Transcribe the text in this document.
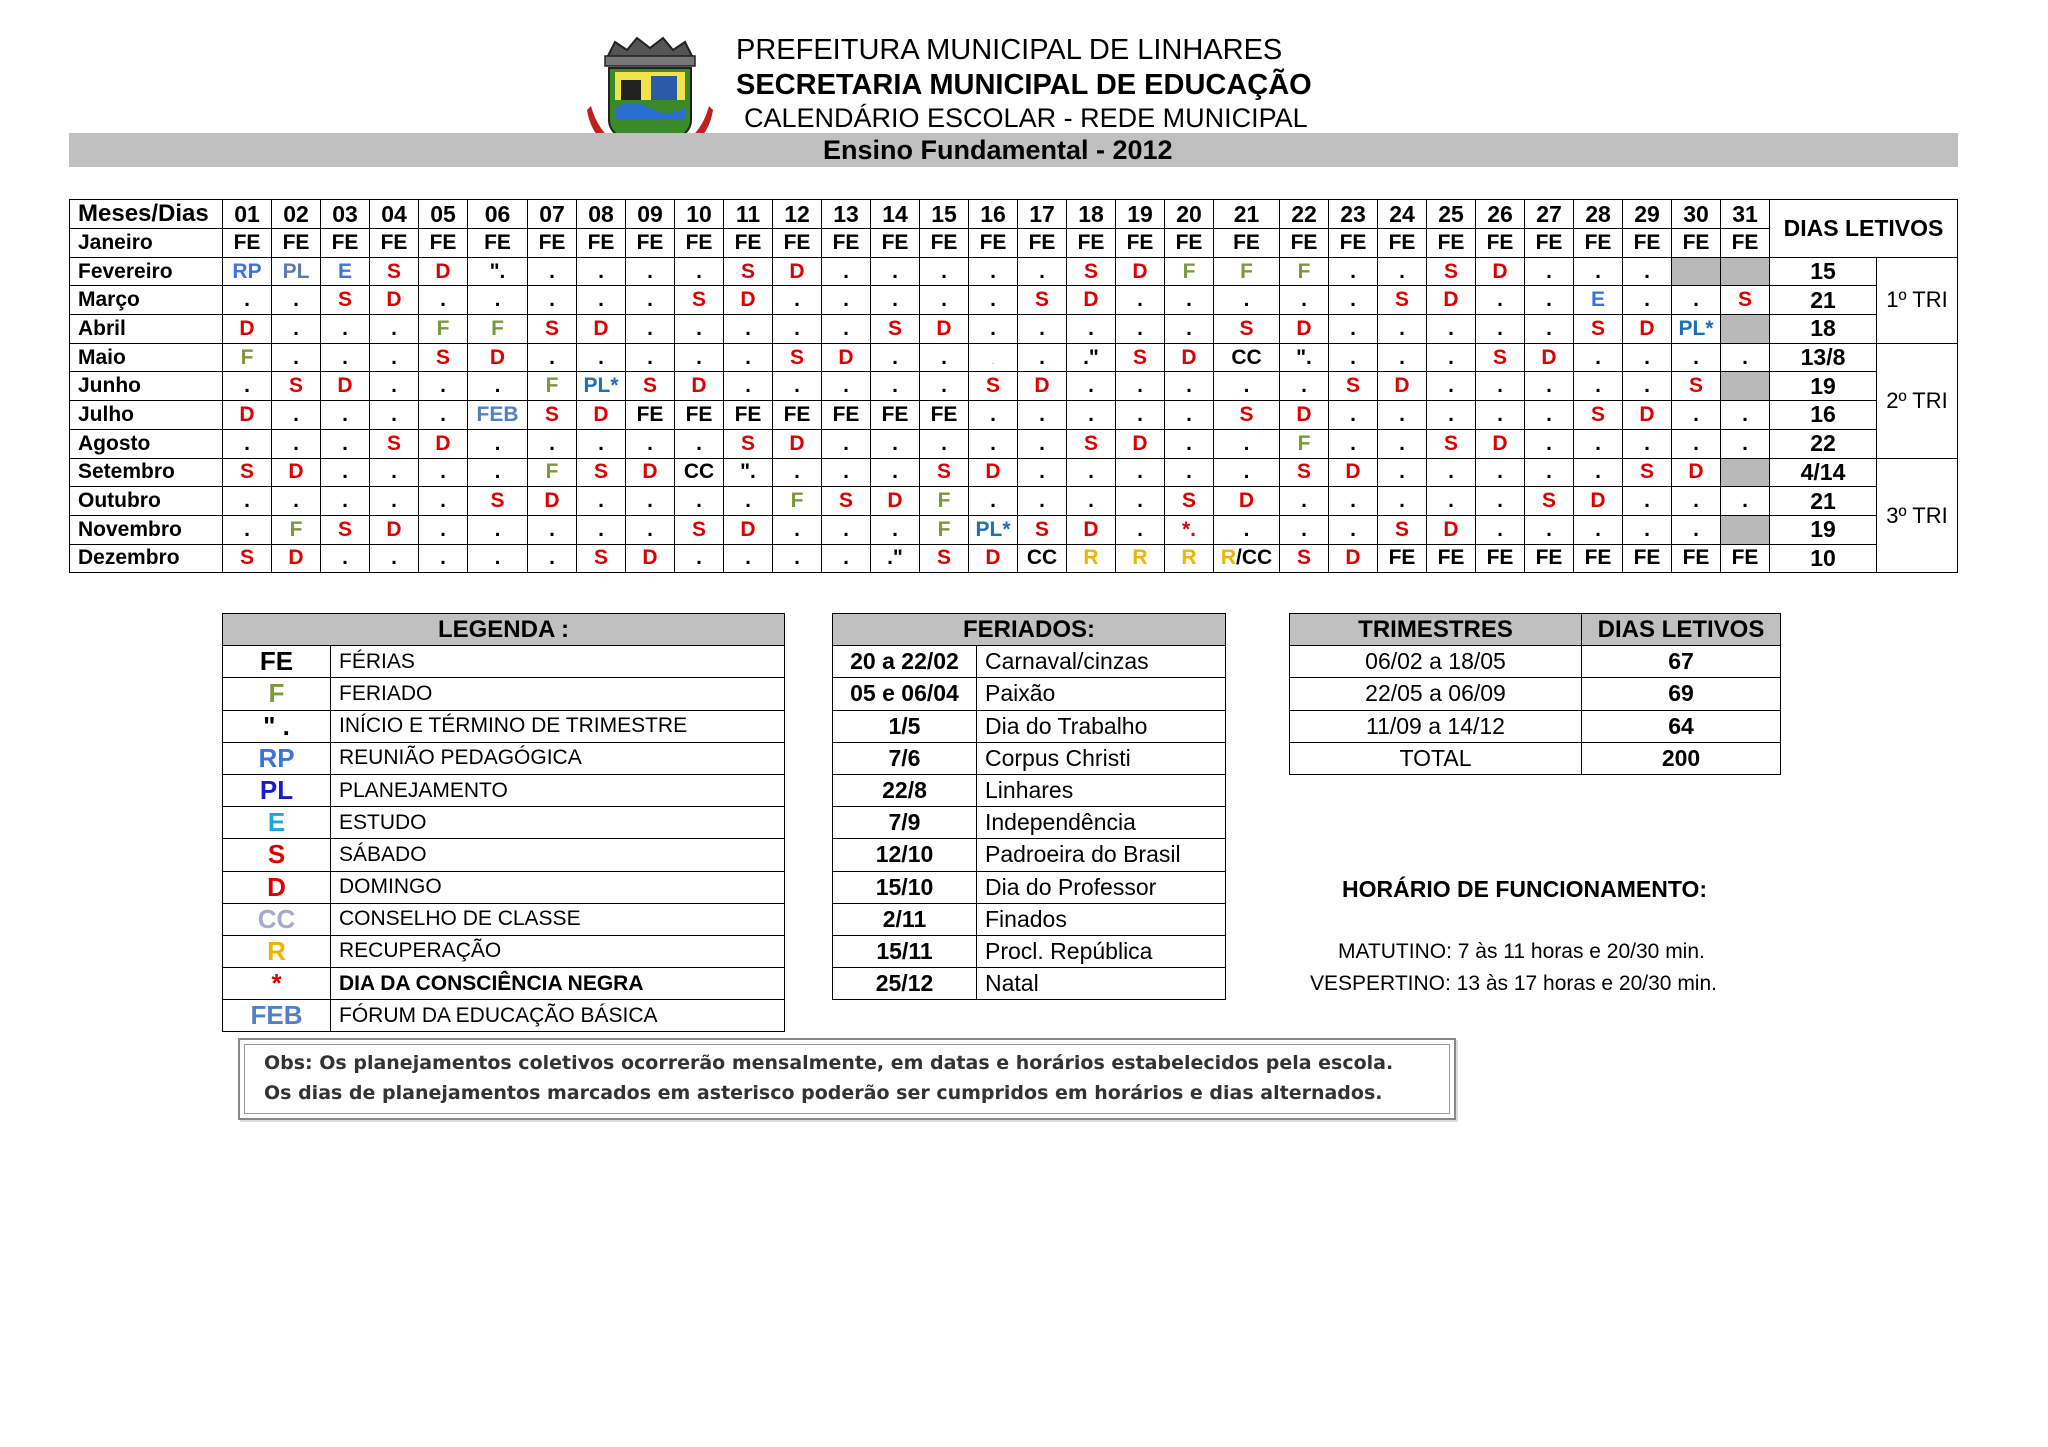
PREFEITURA MUNICIPAL DE LINHARES
SECRETARIA MUNICIPAL DE EDUCAÇÃO
CALENDÁRIO ESCOLAR - REDE MUNICIPAL
Ensino Fundamental - 2012
Meses/Dias	01	02	03	04	05	06	07	08	09	10	11	12	13	14	15	16	17	18	19	20	21	22	23	24	25	26	27	28	29	30	31	DIAS LETIVOS	
Janeiro	FE	FE	FE	FE	FE	FE	FE	FE	FE	FE	FE	FE	FE	FE	FE	FE	FE	FE	FE	FE	FE	FE	FE	FE	FE	FE	FE	FE	FE	FE	FE		
Fevereiro	RP	PL	E	S	D	".	.	.	.	.	S	D	.	.	.	.	.	S	D	F	F	F	.	.	S	D	.	.	.			15	1º TRI
Março	.	.	S	D	.	.	.	.	.	S	D	.	.	.	.	.	S	D	.	.	.	.	.	S	D	.	.	E	.	.	S	21	
Abril	D	.	.	.	F	F	S	D	.	.	.	.	.	S	D	.	.	.	.	.	S	D	.	.	.	.	.	S	D	PL*		18	
Maio	F	.	.	.	S	D	.	.	.	.	.	S	D	.	.	.	.	."	S	D	CC	".	.	.	.	S	D	.	.	.	.	13/8	2º TRI
Junho	.	S	D	.	.	.	F	PL*	S	D	.	.	.	.	.	S	D	.	.	.	.	.	S	D	.	.	.	.	.	S		19	
Julho	D	.	.	.	.	FEB	S	D	FE	FE	FE	FE	FE	FE	FE	.	.	.	.	.	S	D	.	.	.	.	.	S	D	.	.	16	
Agosto	.	.	.	S	D	.	.	.	.	.	S	D	.	.	.	.	.	S	D	.	.	F	.	.	S	D	.	.	.	.	.	22	
Setembro	S	D	.	.	.	.	F	S	D	CC	".	.	.	.	S	D	.	.	.	.	.	S	D	.	.	.	.	.	S	D		4/14	3º TRI
Outubro	.	.	.	.	.	S	D	.	.	.	.	F	S	D	F	.	.	.	.	S	D	.	.	.	.	.	S	D	.	.	.	21	
Novembro	.	F	S	D	.	.	.	.	.	S	D	.	.	.	F	PL*	S	D	.	*.	.	.	.	S	D	.	.	.	.	.		19	
Dezembro	S	D	.	.	.	.	.	S	D	.	.	.	.	."	S	D	CC	R	R	R	R/CC	S	D	FE	FE	FE	FE	FE	FE	FE	FE	10	
LEGENDA :	
FE	FÉRIAS
F	FERIADO
" .	INÍCIO E TÉRMINO DE TRIMESTRE
RP	REUNIÃO PEDAGÓGICA
PL	PLANEJAMENTO
E	ESTUDO
S	SÁBADO
D	DOMINGO
CC	CONSELHO DE CLASSE
R	RECUPERAÇÃO
*	DIA DA CONSCIÊNCIA NEGRA
FEB	FÓRUM DA EDUCAÇÃO BÁSICA
FERIADOS:	
20 a 22/02	Carnaval/cinzas
05 e 06/04	Paixão
1/5	Dia do Trabalho
7/6	Corpus Christi
22/8	Linhares
7/9	Independência
12/10	Padroeira do Brasil
15/10	Dia do Professor
2/11	Finados
15/11	Procl. República
25/12	Natal
TRIMESTRES	DIAS LETIVOS
06/02 a 18/05	67
22/05 a 06/09	69
11/09 a 14/12	64
TOTAL	200
HORÁRIO DE FUNCIONAMENTO:
MATUTINO: 7 às 11 horas e 20/30 min.
VESPERTINO: 13 às 17 horas e 20/30 min.

Obs: Os planejamentos coletivos ocorrerão mensalmente, em datas e horários estabelecidos pela escola.

Os dias de planejamentos marcados em asterisco poderão ser cumpridos em horários e dias alternados.
